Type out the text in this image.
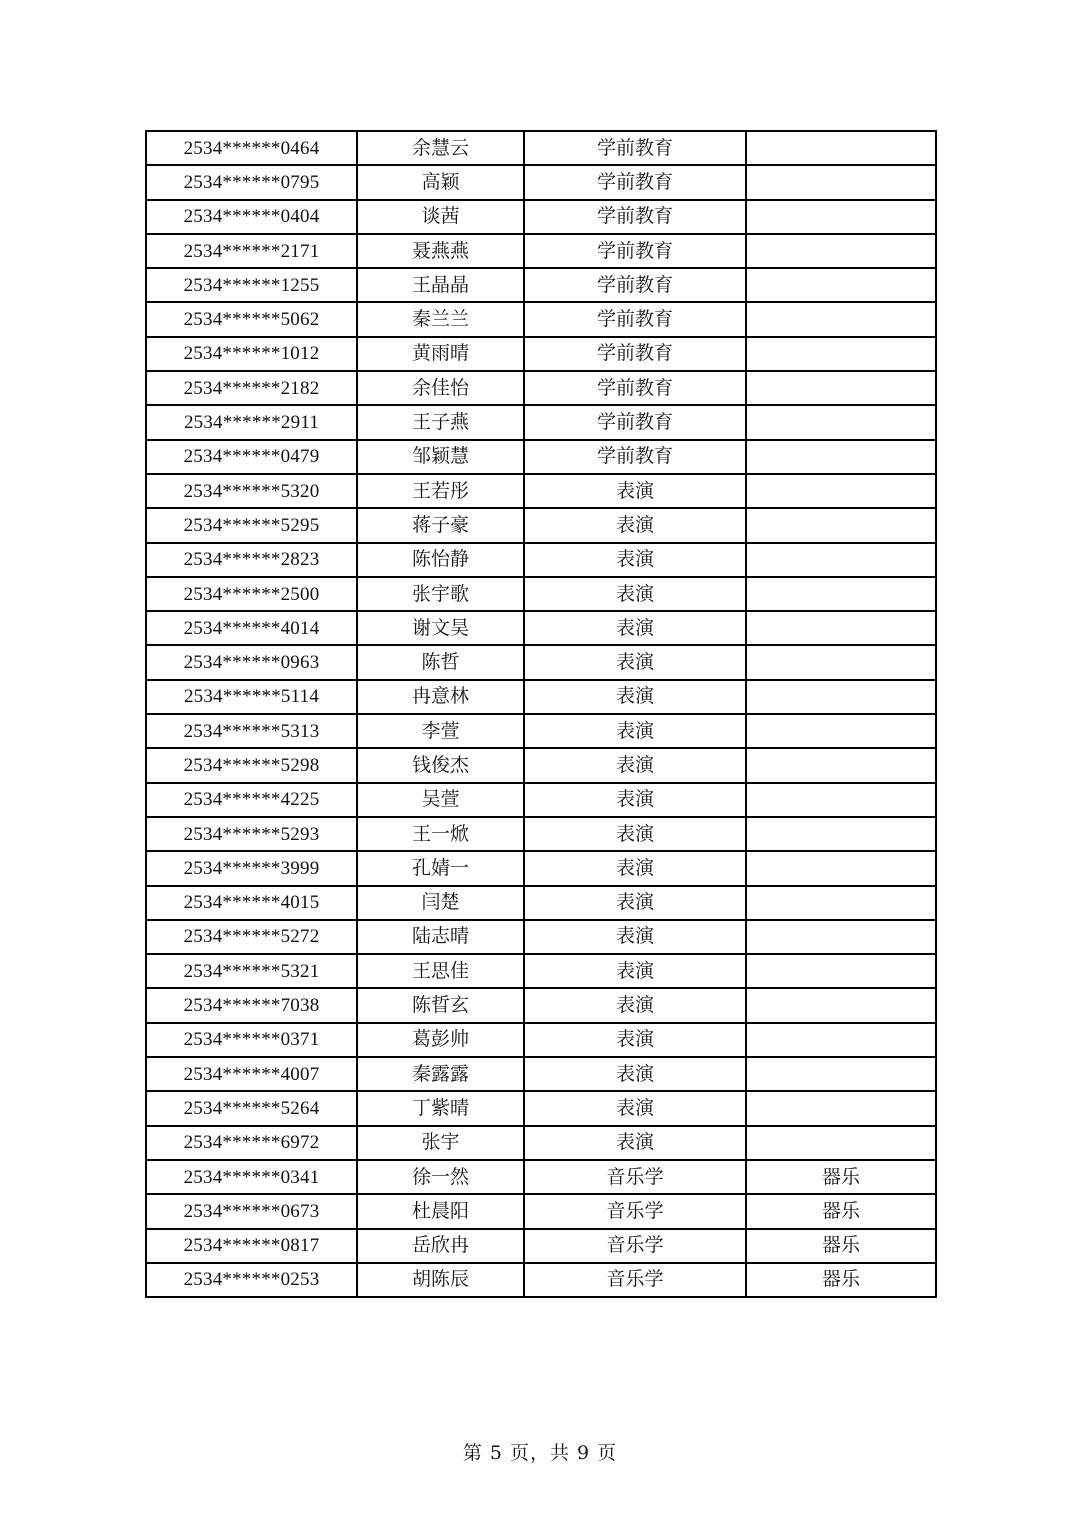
2534******0464	余慧云	学前教育	
2534******0795	高颖	学前教育	
2534******0404	谈茜	学前教育	
2534******2171	聂燕燕	学前教育	
2534******1255	王晶晶	学前教育	
2534******5062	秦兰兰	学前教育	
2534******1012	黄雨晴	学前教育	
2534******2182	余佳怡	学前教育	
2534******2911	王子燕	学前教育	
2534******0479	邹颖慧	学前教育	
2534******5320	王若彤	表演	
2534******5295	蒋子豪	表演	
2534******2823	陈怡静	表演	
2534******2500	张宇歌	表演	
2534******4014	谢文昊	表演	
2534******0963	陈哲	表演	
2534******5114	冉意林	表演	
2534******5313	李萱	表演	
2534******5298	钱俊杰	表演	
2534******4225	吴萱	表演	
2534******5293	王一焮	表演	
2534******3999	孔婧一	表演	
2534******4015	闫楚	表演	
2534******5272	陆志晴	表演	
2534******5321	王思佳	表演	
2534******7038	陈晢玄	表演	
2534******0371	葛彭帅	表演	
2534******4007	秦露露	表演	
2534******5264	丁紫晴	表演	
2534******6972	张宇	表演	
2534******0341	徐一然	音乐学	器乐
2534******0673	杜晨阳	音乐学	器乐
2534******0817	岳欣冉	音乐学	器乐
2534******0253	胡陈辰	音乐学	器乐
第 5 页，共 9 页
